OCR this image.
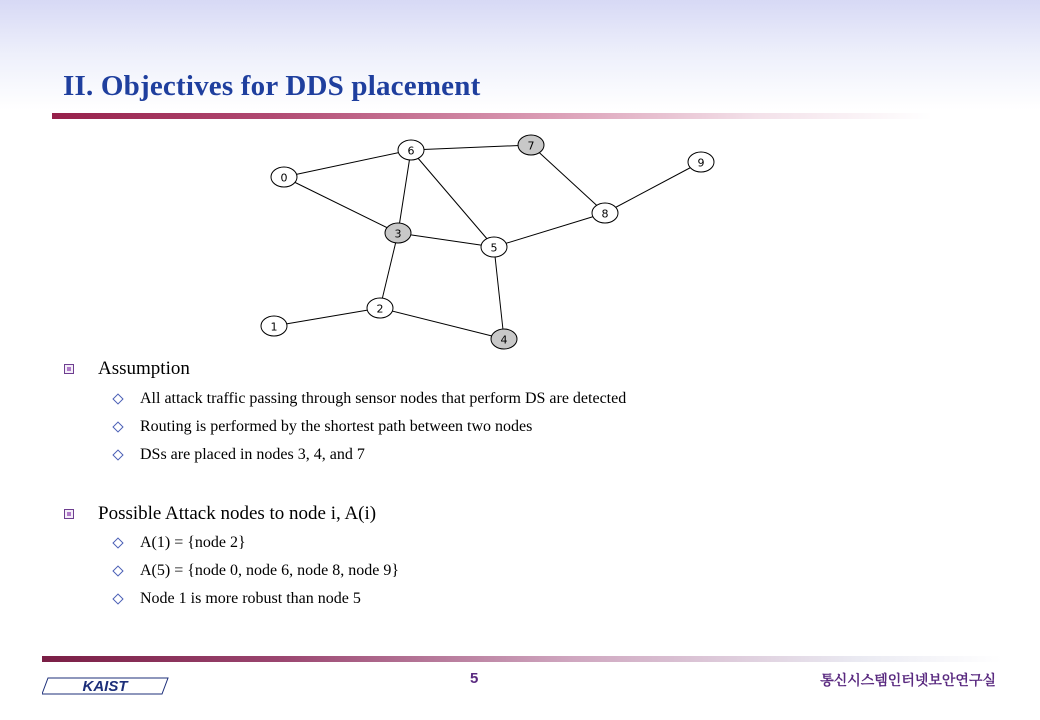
II. Objectives for DDS placement
0
1
2
3
4
5
6	7
8
9
Assumption
All attack traffic passing through sensor nodes that perform DS are detected
Routing is performed by the shortest path between two nodes
DSs are placed in nodes 3, 4, and 7
Possible Attack nodes to node i, A(i)
A(1) = {node 2}
A(5) = {node 0, node 6, node 8, node 9}
Node 1 is more robust than node 5
KAIST	5	통신시스템인터넷보안연구실
